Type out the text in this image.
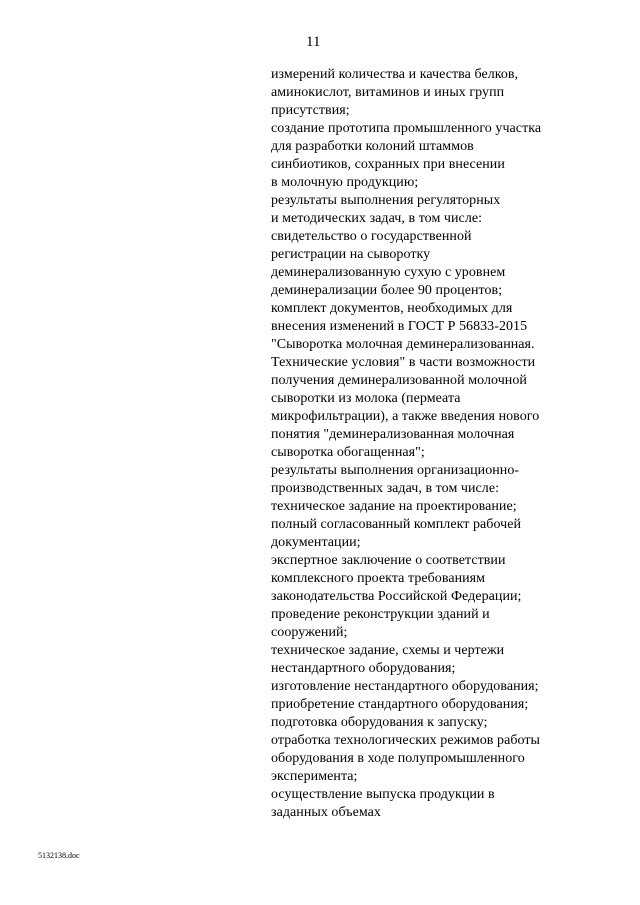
11
измерений количества и качества белков,
аминокислот, витаминов и иных групп
присутствия;
создание прототипа промышленного участка
для разработки колоний штаммов
синбиотиков, сохранных при внесении
в молочную продукцию;
результаты выполнения регуляторных
и методических задач, в том числе:
свидетельство о государственной
регистрации на сыворотку
деминерализованную сухую с уровнем
деминерализации более 90 процентов;
комплект документов, необходимых для
внесения изменений в ГОСТ Р 56833-2015
"Сыворотка молочная деминерализованная.
Технические условия" в части возможности
получения деминерализованной молочной
сыворотки из молока (пермеата
микрофильтрации), а также введения нового
понятия "деминерализованная молочная
сыворотка обогащенная";
результаты выполнения организационно-
производственных задач, в том числе:
техническое задание на проектирование;
полный согласованный комплект рабочей
документации;
экспертное заключение о соответствии
комплексного проекта требованиям
законодательства Российской Федерации;
проведение реконструкции зданий и
сооружений;
техническое задание, схемы и чертежи
нестандартного оборудования;
изготовление нестандартного оборудования;
приобретение стандартного оборудования;
подготовка оборудования к запуску;
отработка технологических режимов работы
оборудования в ходе полупромышленного
эксперимента;
осуществление выпуска продукции в
заданных объемах
5132138.doc
